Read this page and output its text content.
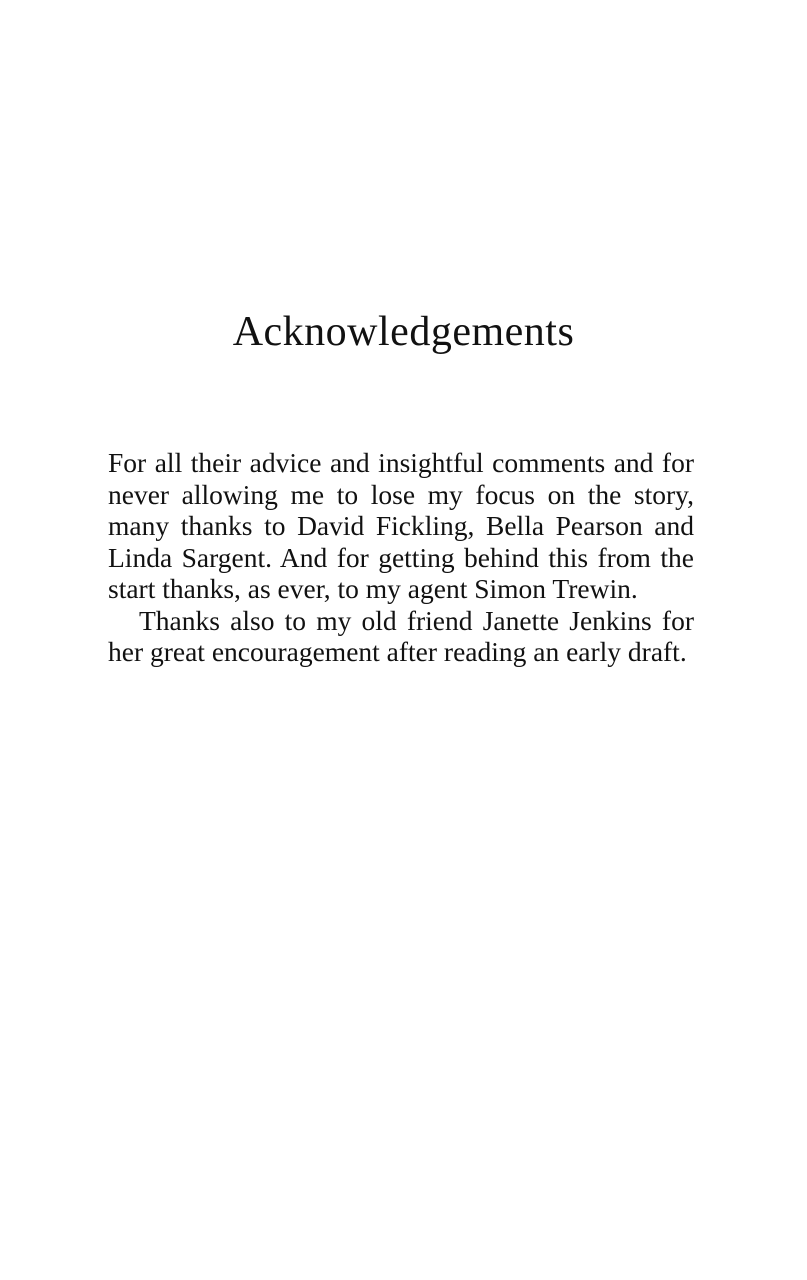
Acknowledgements

For all their advice and insightful comments and for never allowing me to lose my focus on the story, many thanks to David Fickling, Bella Pearson and Linda Sargent. And for getting behind this from the start thanks, as ever, to my agent Simon Trewin.

Thanks also to my old friend Janette Jenkins for her great encouragement after reading an early draft.
